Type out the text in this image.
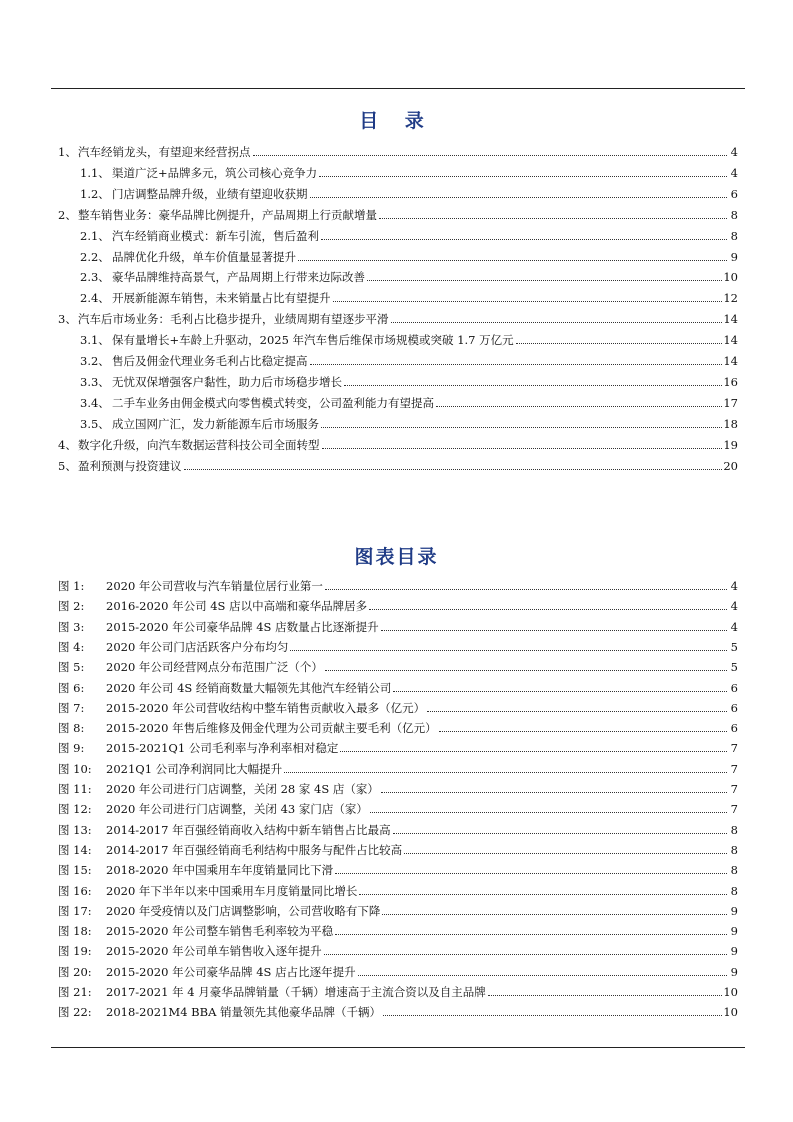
目 录
1、 汽车经销龙头，有望迎来经营拐点	4
1.1、 渠道广泛+品牌多元，筑公司核心竞争力	4
1.2、 门店调整品牌升级，业绩有望迎收获期	6
2、 整车销售业务：豪华品牌比例提升，产品周期上行贡献增量	8
2.1、 汽车经销商业模式：新车引流，售后盈利	8
2.2、 品牌优化升级，单车价值量显著提升	9
2.3、 豪华品牌维持高景气，产品周期上行带来边际改善	10
2.4、 开展新能源车销售，未来销量占比有望提升	12
3、 汽车后市场业务：毛利占比稳步提升，业绩周期有望逐步平滑	14
3.1、 保有量增长+车龄上升驱动，2025 年汽车售后维保市场规模或突破 1.7 万亿元	14
3.2、 售后及佣金代理业务毛利占比稳定提高	14
3.3、 无忧双保增强客户黏性，助力后市场稳步增长	16
3.4、 二手车业务由佣金模式向零售模式转变，公司盈利能力有望提高	17
3.5、 成立国网广汇，发力新能源车后市场服务	18
4、 数字化升级，向汽车数据运营科技公司全面转型	19
5、 盈利预测与投资建议	20
图表目录
图 1:	2020 年公司营收与汽车销量位居行业第一	4
图 2:	2016-2020 年公司 4S 店以中高端和豪华品牌居多	4
图 3:	2015-2020 年公司豪华品牌 4S 店数量占比逐渐提升	4
图 4:	2020 年公司门店活跃客户分布均匀	5
图 5:	2020 年公司经营网点分布范围广泛（个）	5
图 6:	2020 年公司 4S 经销商数量大幅领先其他汽车经销公司	6
图 7:	2015-2020 年公司营收结构中整车销售贡献收入最多（亿元）	6
图 8:	2015-2020 年售后维修及佣金代理为公司贡献主要毛利（亿元）	6
图 9:	2015-2021Q1 公司毛利率与净利率相对稳定	7
图 10:	2021Q1 公司净利润同比大幅提升	7
图 11:	2020 年公司进行门店调整，关闭 28 家 4S 店（家）	7
图 12:	2020 年公司进行门店调整，关闭 43 家门店（家）	7
图 13:	2014-2017 年百强经销商收入结构中新车销售占比最高	8
图 14:	2014-2017 年百强经销商毛利结构中服务与配件占比较高	8
图 15:	2018-2020 年中国乘用车年度销量同比下滑	8
图 16:	2020 年下半年以来中国乘用车月度销量同比增长	8
图 17:	2020 年受疫情以及门店调整影响，公司营收略有下降	9
图 18:	2015-2020 年公司整车销售毛利率较为平稳	9
图 19:	2015-2020 年公司单车销售收入逐年提升	9
图 20:	2015-2020 年公司豪华品牌 4S 店占比逐年提升	9
图 21:	2017-2021 年 4 月豪华品牌销量（千辆）增速高于主流合资以及自主品牌	10
图 22:	2018-2021M4 BBA 销量领先其他豪华品牌（千辆）	10
